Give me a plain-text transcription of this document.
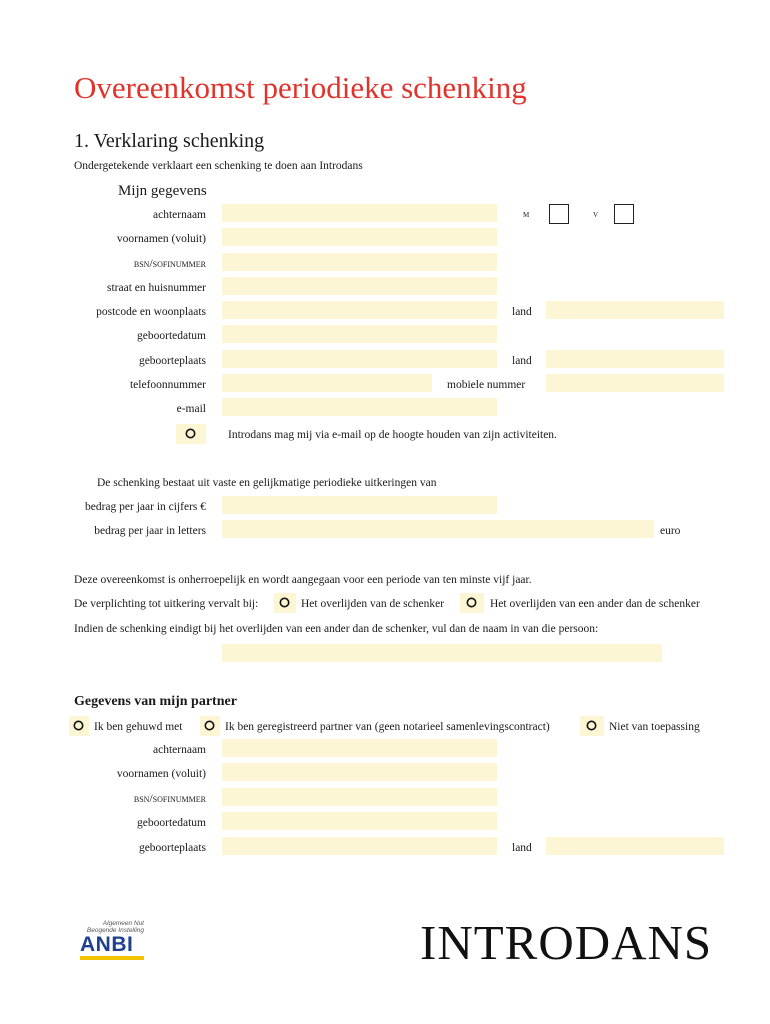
Overeenkomst periodieke schenking
1. Verklaring schenking
Ondergetekende verklaart een schenking te doen aan Introdans
Mijn gegevens
achternaam	m	v
voornamen (voluit)
bsn/sofinummer
straat en huisnummer
postcode en woonplaats	land
geboortedatum
geboorteplaats	land
telefoonnummer	mobiele nummer
e-mail
Introdans mag mij via e-mail op de hoogte houden van zijn activiteiten.
De schenking bestaat uit vaste en gelijkmatige periodieke uitkeringen van
bedrag per jaar in cijfers €
bedrag per jaar in letters	euro
Deze overeenkomst is onherroepelijk en wordt aangegaan voor een periode van ten minste vijf jaar.
De verplichting tot uitkering vervalt bij:	Het overlijden van de schenker	Het overlijden van een ander dan de schenker
Indien de schenking eindigt bij het overlijden van een ander dan de schenker, vul dan de naam in van die persoon:
Gegevens van mijn partner
Ik ben gehuwd met	Ik ben geregistreerd partner van (geen notarieel samenlevingscontract)	Niet van toepassing
achternaam
voornamen (voluit)
bsn/sofinummer
geboortedatum
geboorteplaats	land
Algemeen Nut
Beogende Instelling
ANBI	INTRODANS
